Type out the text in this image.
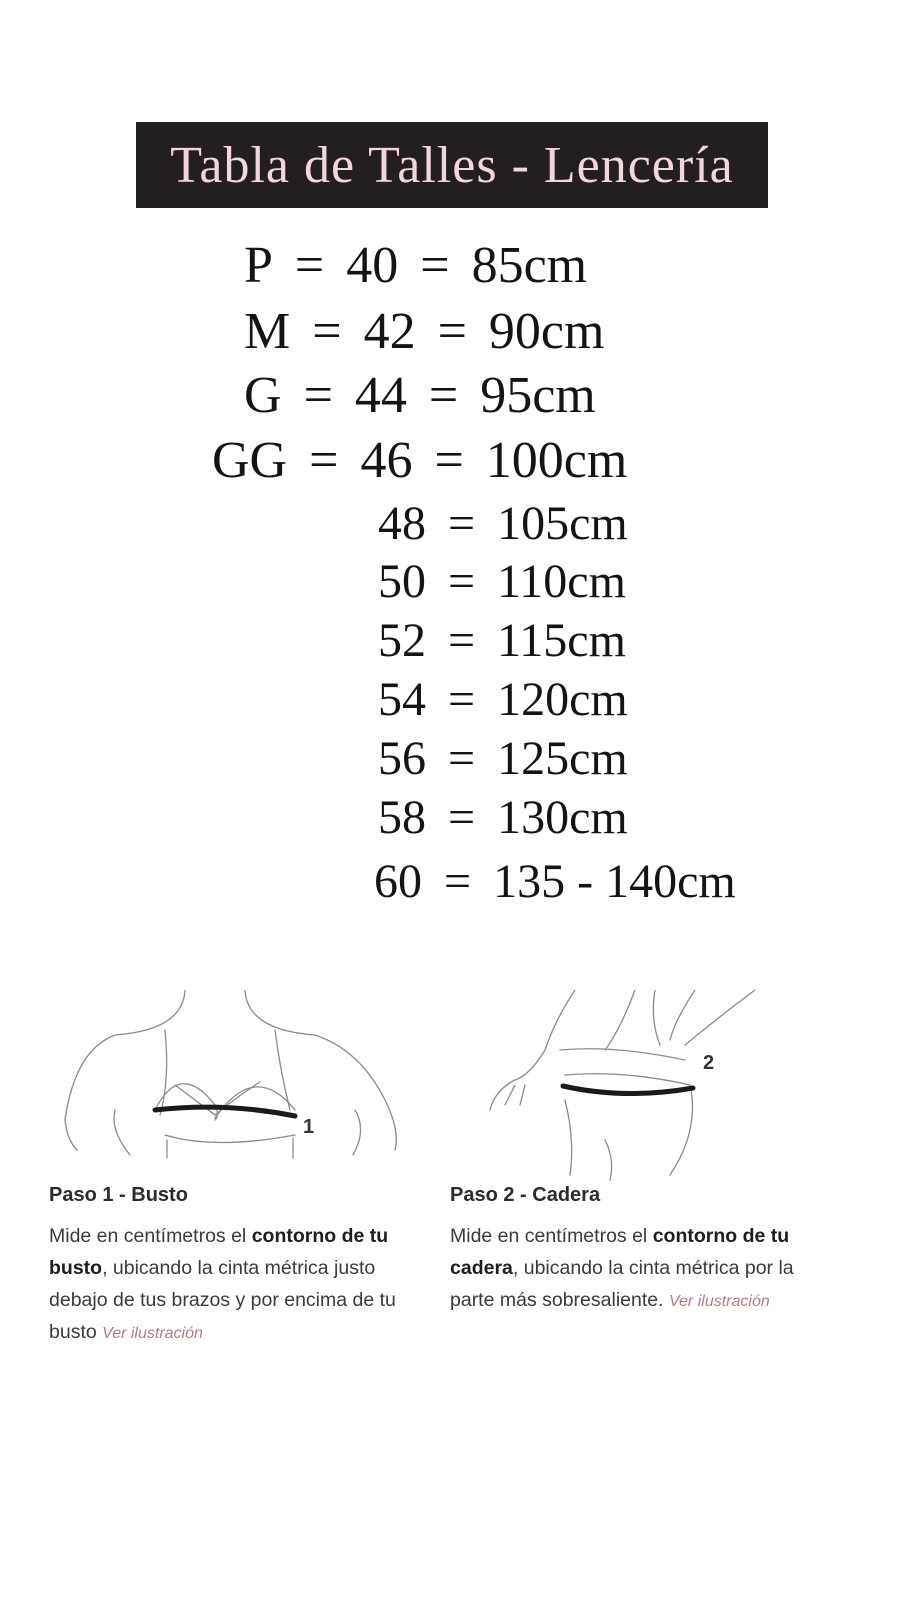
Tabla de Talles - Lencería
P = 40 = 85cm
M = 42 = 90cm
G = 44 = 95cm
GG = 46 = 100cm
48 = 105cm
50 = 110cm
52 = 115cm
54 = 120cm
56 = 125cm
58 = 130cm
60 = 135 - 140cm
1
2
Paso 1 - Busto
Mide en centímetros el contorno de tu busto, ubicando la cinta métrica justo debajo de tus brazos y por encima de tu busto Ver ilustración
Paso 2 - Cadera
Mide en centímetros el contorno de tu cadera, ubicando la cinta métrica por la parte más sobresaliente. Ver ilustración
